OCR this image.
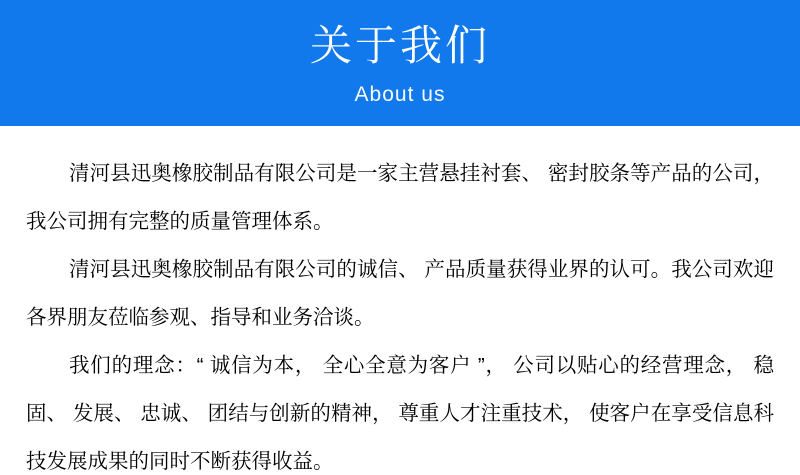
关于我们
About us

清河县迅奥橡胶制品有限公司是一家主营悬挂衬套、 密封胶条等产品的公司，我公司拥有完整的质量管理体系。

清河县迅奥橡胶制品有限公司的诚信、 产品质量获得业界的认可。我公司欢迎各界朋友莅临参观、指导和业务洽谈。

我们的理念：“ 诚信为本， 全心全意为客户 ”， 公司以贴心的经营理念， 稳固、 发展、 忠诚、 团结与创新的精神， 尊重人才注重技术， 使客户在享受信息科技发展成果的同时不断获得收益。
